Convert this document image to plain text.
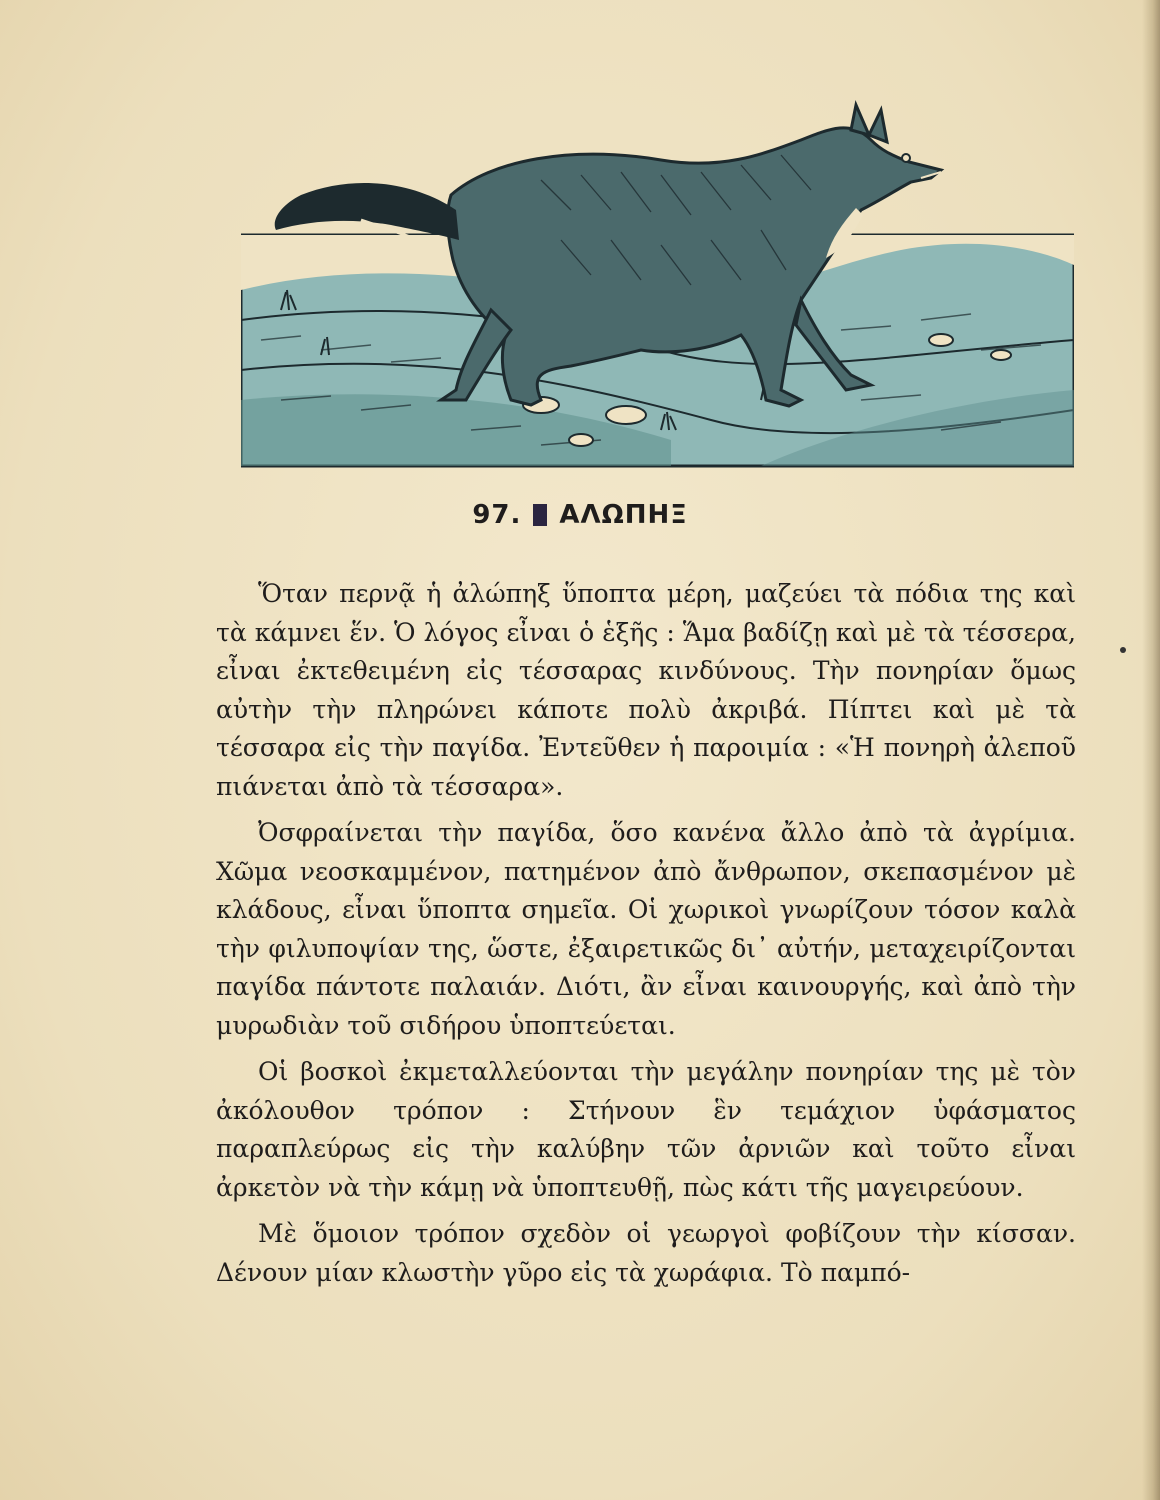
97. ΑΛΩΠΗΞ

Ὅταν περνᾷ ἡ ἀλώπηξ ὕποπτα μέρη, μαζεύει τὰ πόδια της καὶ τὰ κάμνει ἕν. Ὁ λόγος εἶναι ὁ ἑξῆς : Ἅμα βαδίζῃ καὶ μὲ τὰ τέσσερα, εἶναι ἐκτεθειμένη εἰς τέσσαρας κινδύνους. Τὴν πονηρίαν ὅμως αὐτὴν τὴν πληρώνει κάποτε πολὺ ἀκριβά. Πίπτει καὶ μὲ τὰ τέσσαρα εἰς τὴν παγίδα. Ἐντεῦθεν ἡ παροιμία : «Ἡ πονηρὴ ἀλεποῦ πιάνεται ἀπὸ τὰ τέσσαρα».

Ὀσφραίνεται τὴν παγίδα, ὅσο κανένα ἄλλο ἀπὸ τὰ ἀγρίμια. Χῶμα νεοσκαμμένον, πατημένον ἀπὸ ἄνθρωπον, σκεπασμένον μὲ κλάδους, εἶναι ὕποπτα σημεῖα. Οἱ χωρικοὶ γνωρίζουν τόσον καλὰ τὴν φιλυποψίαν της, ὥστε, ἐξαιρετικῶς δι᾿ αὐτήν, μεταχειρίζονται παγίδα πάντοτε παλαιάν. Διότι, ἂν εἶναι καινουργής, καὶ ἀπὸ τὴν μυρωδιὰν τοῦ σιδήρου ὑποπτεύεται.

Οἱ βοσκοὶ ἐκμεταλλεύονται τὴν μεγάλην πονηρίαν της μὲ τὸν ἀκόλουθον τρόπον : Στήνουν ἓν τεμάχιον ὑφάσματος παραπλεύρως εἰς τὴν καλύβην τῶν ἀρνιῶν καὶ τοῦτο εἶναι ἀρκετὸν νὰ τὴν κάμῃ νὰ ὑποπτευθῇ, πὼς κάτι τῆς μαγειρεύουν.

Μὲ ὅμοιον τρόπον σχεδὸν οἱ γεωργοὶ φοβίζουν τὴν κίσσαν. Δένουν μίαν κλωστὴν γῦρο εἰς τὰ χωράφια. Τὸ παμπό-
